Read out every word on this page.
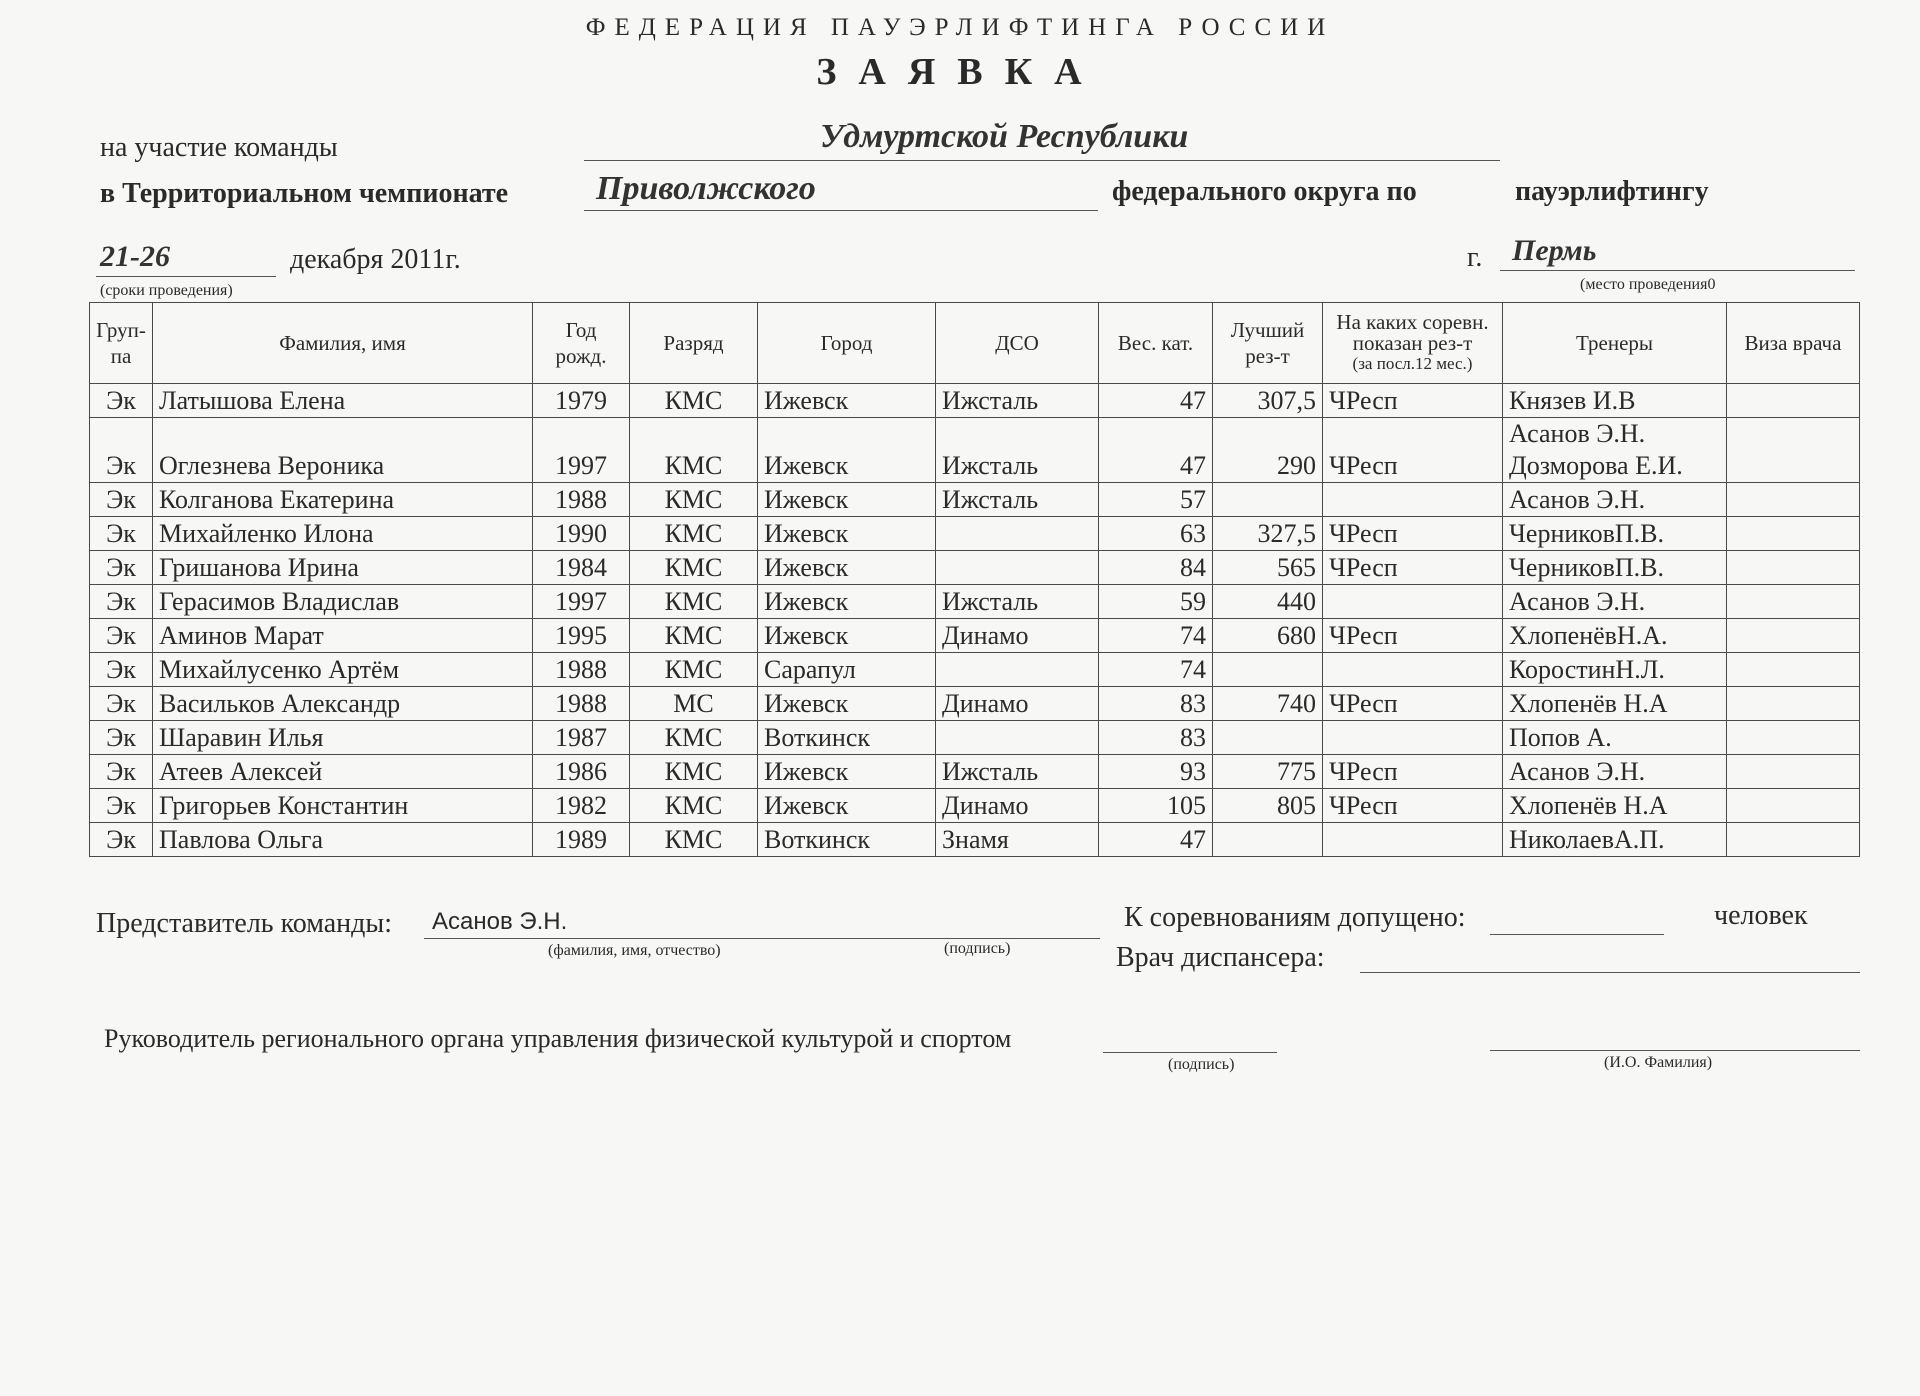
ФЕДЕРАЦИЯ ПАУЭРЛИФТИНГА РОССИИ
ЗАЯВКА
на участие команды	Удмуртской Республики
в Территориальном чемпионате	Приволжского	федерального округа по	пауэрлифтингу
21-26	декабря 2011г.
(сроки проведения)
г. Пермь
(место проведения0
Груп-па	Фамилия, имя	Год рожд.	Разряд	Город	ДСО	Вес. кат.	Лучший рез-т	На каких соревн.
показан рез-т
(за посл.12 мес.)	Тренеры	Виза врача
Эк	Латышова Елена	1979	КМС	Ижевск	Ижсталь	47	307,5	ЧРесп	Князев И.В	

Эк	Оглезнева Вероника	1997	КМС	Ижевск	Ижсталь	47	290	ЧРесп	Асанов Э.Н.
Дозморова Е.И.	

Эк	Колганова Екатерина	1988	КМС	Ижевск	Ижсталь	57			Асанов Э.Н.	

Эк	Михайленко Илона	1990	КМС	Ижевск		63	327,5	ЧРесп	ЧерниковП.В.	

Эк	Гришанова Ирина	1984	КМС	Ижевск		84	565	ЧРесп	ЧерниковП.В.	

Эк	Герасимов Владислав	1997	КМС	Ижевск	Ижсталь	59	440		Асанов Э.Н.	

Эк	Аминов Марат	1995	КМС	Ижевск	Динамо	74	680	ЧРесп	ХлопенёвН.А.	

Эк	Михайлусенко Артём	1988	КМС	Сарапул		74			КоростинН.Л.	

Эк	Васильков Александр	1988	МС	Ижевск	Динамо	83	740	ЧРесп	Хлопенёв Н.А	

Эк	Шаравин Илья	1987	КМС	Воткинск		83			Попов А.	

Эк	Атеев Алексей	1986	КМС	Ижевск	Ижсталь	93	775	ЧРесп	Асанов Э.Н.	

Эк	Григорьев Константин	1982	КМС	Ижевск	Динамо	105	805	ЧРесп	Хлопенёв Н.А	

Эк	Павлова Ольга	1989	КМС	Воткинск	Знамя	47			НиколаевА.П.	

Представитель команды: Асанов Э.Н.
(фамилия, имя, отчество)	(подпись)
К соревнованиям допущено:	человек
Врач диспансера:
Руководитель регионального органа управления физической культурой и спортом
(подпись)	(И.О. Фамилия)
